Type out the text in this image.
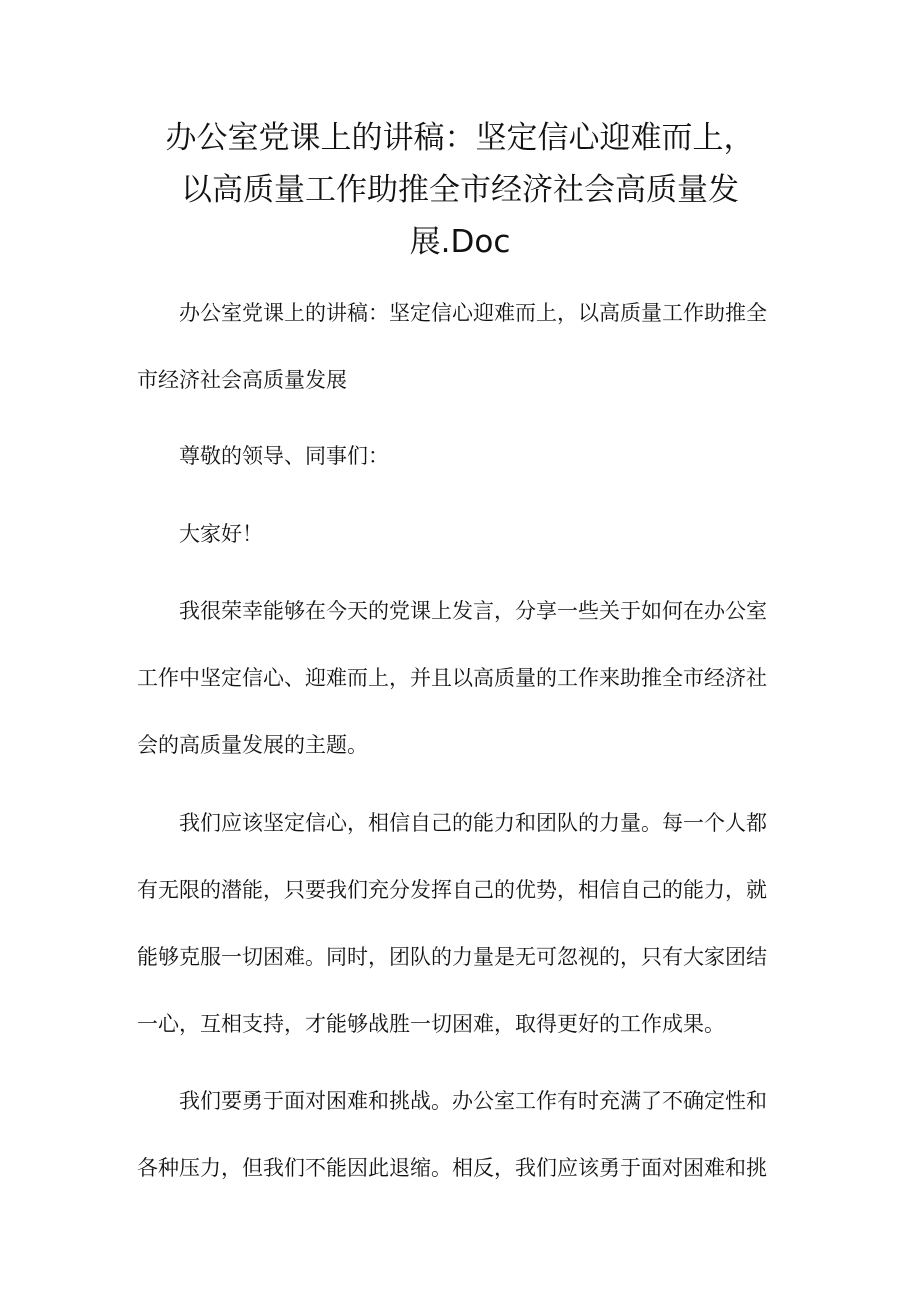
办公室党课上的讲稿：坚定信心迎难而上，
以高质量工作助推全市经济社会高质量发
展.Doc
办公室党课上的讲稿：坚定信心迎难而上，以高质量工作助推全
市经济社会高质量发展
尊敬的领导、同事们：
大家好！
我很荣幸能够在今天的党课上发言，分享一些关于如何在办公室
工作中坚定信心、迎难而上，并且以高质量的工作来助推全市经济社
会的高质量发展的主题。
我们应该坚定信心，相信自己的能力和团队的力量。每一个人都
有无限的潜能，只要我们充分发挥自己的优势，相信自己的能力，就
能够克服一切困难。同时，团队的力量是无可忽视的，只有大家团结
一心，互相支持，才能够战胜一切困难，取得更好的工作成果。
我们要勇于面对困难和挑战。办公室工作有时充满了不确定性和
各种压力，但我们不能因此退缩。相反，我们应该勇于面对困难和挑
